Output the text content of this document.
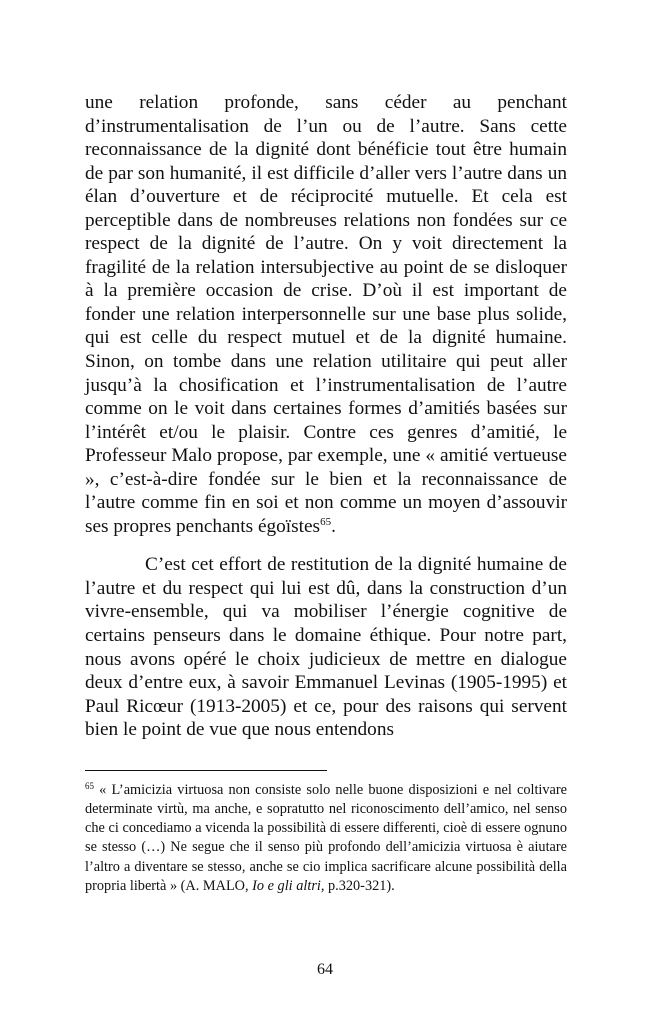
une relation profonde, sans céder au penchant d’instrumentalisation de l’un ou de l’autre. Sans cette reconnaissance de la dignité dont bénéficie tout être humain de par son humanité, il est difficile d’aller vers l’autre dans un élan d’ouverture et de réciprocité mutuelle. Et cela est perceptible dans de nombreuses relations non fondées sur ce respect de la dignité de l’autre. On y voit directement la fragilité de la relation intersubjective au point de se disloquer à la première occasion de crise. D’où il est important de fonder une relation interpersonnelle sur une base plus solide, qui est celle du respect mutuel et de la dignité humaine. Sinon, on tombe dans une relation utilitaire qui peut aller jusqu’à la chosification et l’instrumentalisation de l’autre comme on le voit dans certaines formes d’amitiés basées sur l’intérêt et/ou le plaisir. Contre ces genres d’amitié, le Professeur Malo propose, par exemple, une « amitié vertueuse », c’est-à-dire fondée sur le bien et la reconnaissance de l’autre comme fin en soi et non comme un moyen d’assouvir ses propres penchants égoïstes$^{65}$.

C’est cet effort de restitution de la dignité humaine de l’autre et du respect qui lui est dû, dans la construction d’un vivre-ensemble, qui va mobiliser l’énergie cognitive de certains penseurs dans le domaine éthique. Pour notre part, nous avons opéré le choix judicieux de mettre en dialogue deux d’entre eux, à savoir Emmanuel Levinas (1905-1995) et Paul Ricœur (1913-2005) et ce, pour des raisons qui servent bien le point de vue que nous entendons

$^{65}$ « L’amicizia virtuosa non consiste solo nelle buone disposizioni e nel coltivare determinate virtù, ma anche, e sopratutto nel riconoscimento dell’amico, nel senso che ci concediamo a vicenda la possibilità di essere differenti, cioè di essere ognuno se stesso (…) Ne segue che il senso più profondo dell’amicizia virtuosa è aiutare l’altro a diventare se stesso, anche se cio implica sacrificare alcune possibilità della propria libertà » (A. MALO, Io e gli altri, p.320-321).

64
